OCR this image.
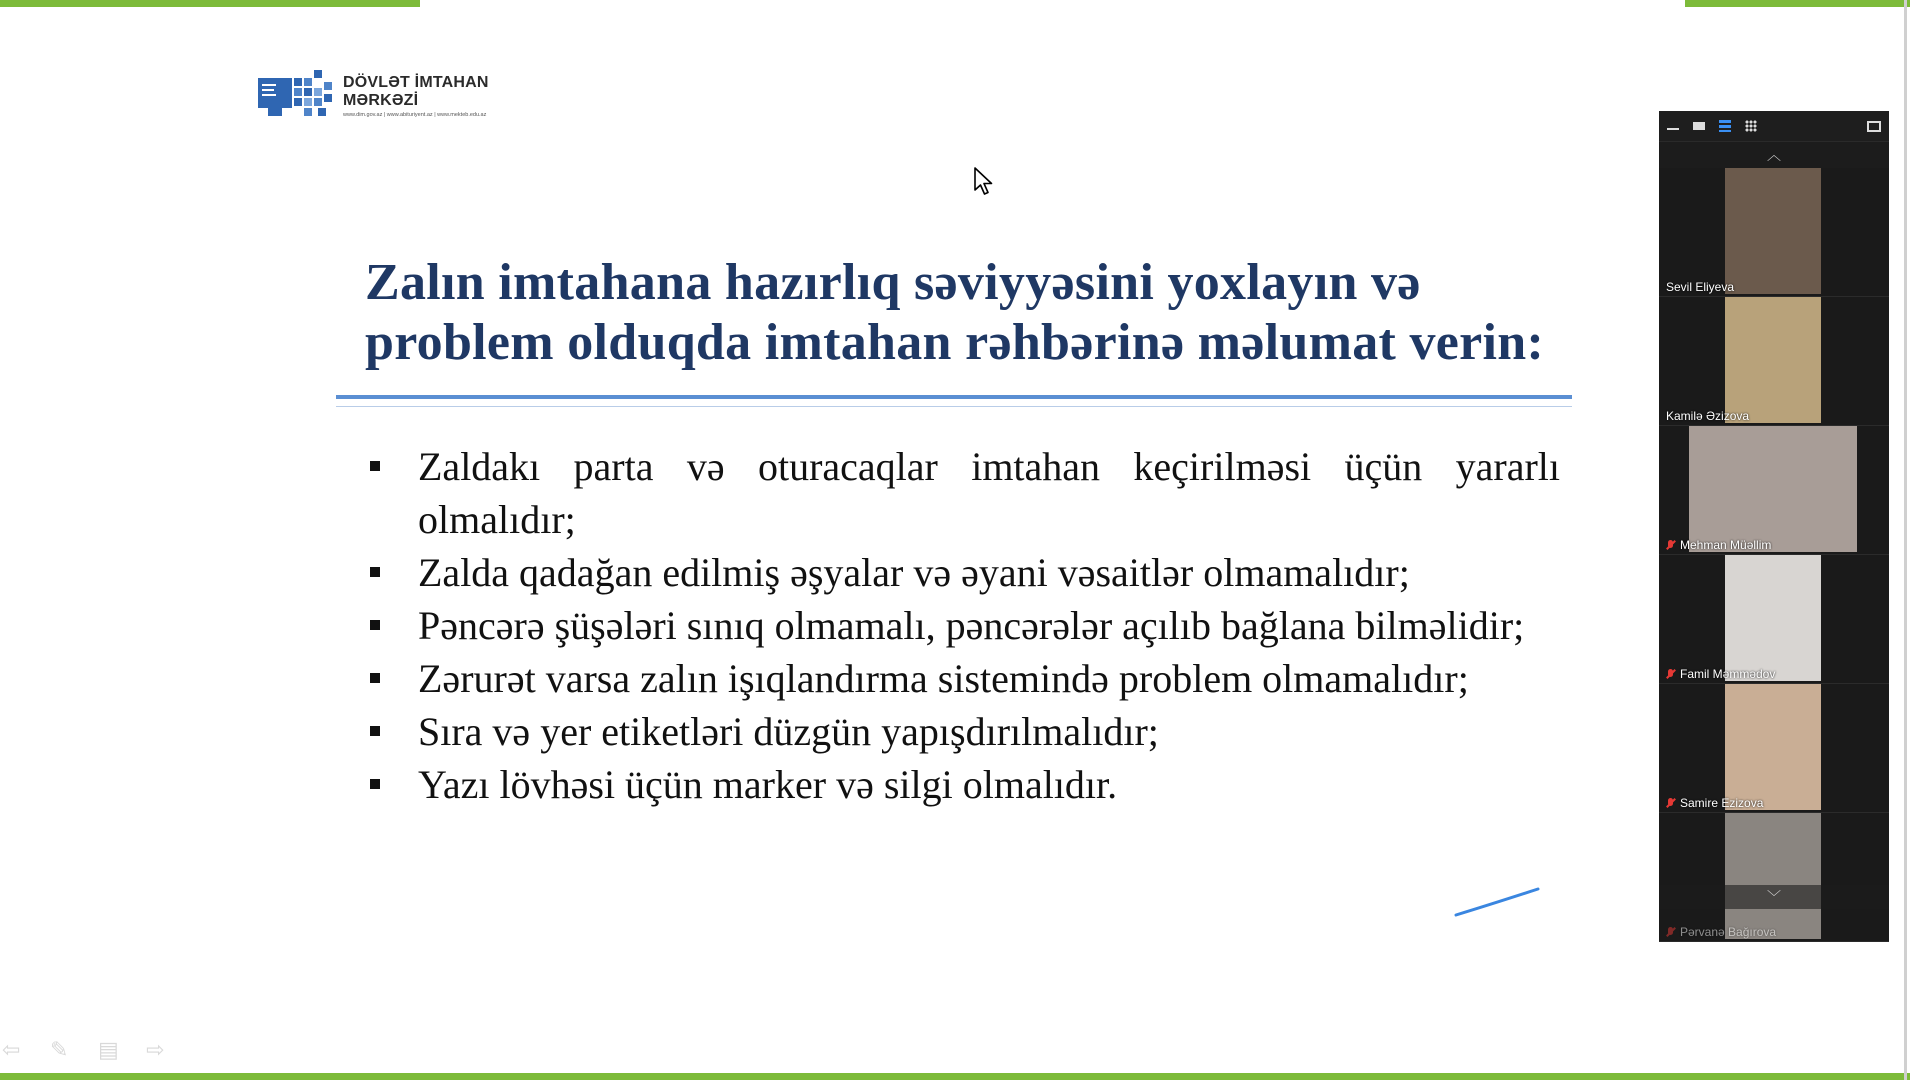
DÖVLƏT İMTAHAN
MƏRKƏZİ
www.dim.gov.az | www.abituriyent.az | www.mekteb.edu.az
Zalın imtahana hazırlıq səviyyəsini yoxlayın və
problem olduqda imtahan rəhbərinə məlumat verin:
Zaldakı parta və oturacaqlar imtahan keçirilməsi üçün yararlı olmalıdır;
Zalda qadağan edilmiş əşyalar və əyani vəsaitlər olmamalıdır;
Pəncərə şüşələri sınıq olmamalı, pəncərələr açılıb bağlana bilməlidir;
Zərurət varsa zalın işıqlandırma sistemində problem olmamalıdır;
Sıra və yer etiketləri düzgün yapışdırılmalıdır;
Yazı lövhəsi üçün marker və silgi olmalıdır.
⇦	✎	▤ ⇨
︿
Sevil Eliyeva
Kamilə Əzizova
Mehman Müəllim
Famil Məmmədov
Samire Ezizova
Pərvanə Bağırova
﹀
